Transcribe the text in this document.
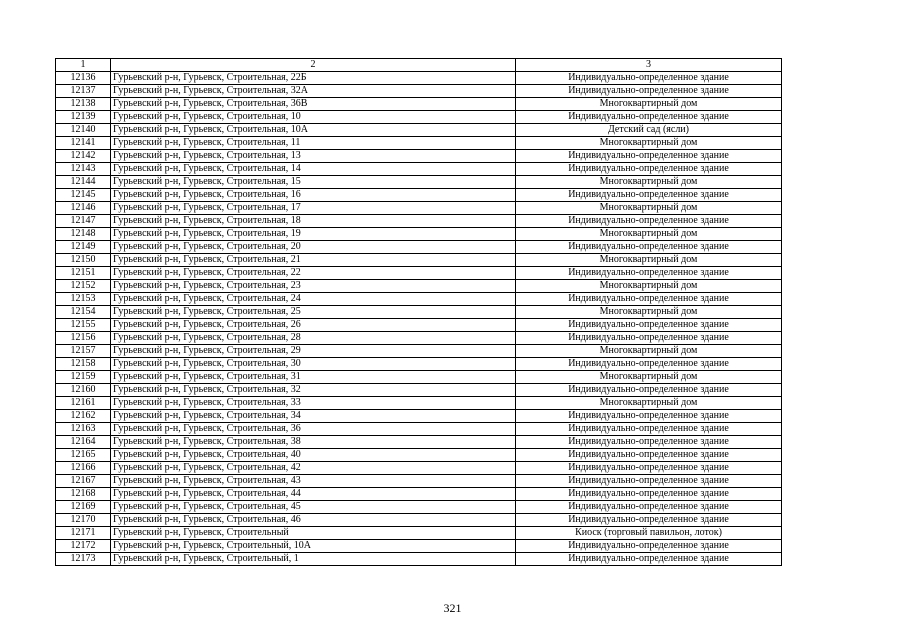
1	2	3
12136	Гурьевский р-н, Гурьевск, Строительная, 22Б	Индивидуально-определенное здание
12137	Гурьевский р-н, Гурьевск, Строительная, 32А	Индивидуально-определенное здание
12138	Гурьевский р-н, Гурьевск, Строительная, 36В	Многоквартирный дом
12139	Гурьевский р-н, Гурьевск, Строительная, 10	Индивидуально-определенное здание
12140	Гурьевский р-н, Гурьевск, Строительная, 10А	Детский сад (ясли)
12141	Гурьевский р-н, Гурьевск, Строительная, 11	Многоквартирный дом
12142	Гурьевский р-н, Гурьевск, Строительная, 13	Индивидуально-определенное здание
12143	Гурьевский р-н, Гурьевск, Строительная, 14	Индивидуально-определенное здание
12144	Гурьевский р-н, Гурьевск, Строительная, 15	Многоквартирный дом
12145	Гурьевский р-н, Гурьевск, Строительная, 16	Индивидуально-определенное здание
12146	Гурьевский р-н, Гурьевск, Строительная, 17	Многоквартирный дом
12147	Гурьевский р-н, Гурьевск, Строительная, 18	Индивидуально-определенное здание
12148	Гурьевский р-н, Гурьевск, Строительная, 19	Многоквартирный дом
12149	Гурьевский р-н, Гурьевск, Строительная, 20	Индивидуально-определенное здание
12150	Гурьевский р-н, Гурьевск, Строительная, 21	Многоквартирный дом
12151	Гурьевский р-н, Гурьевск, Строительная, 22	Индивидуально-определенное здание
12152	Гурьевский р-н, Гурьевск, Строительная, 23	Многоквартирный дом
12153	Гурьевский р-н, Гурьевск, Строительная, 24	Индивидуально-определенное здание
12154	Гурьевский р-н, Гурьевск, Строительная, 25	Многоквартирный дом
12155	Гурьевский р-н, Гурьевск, Строительная, 26	Индивидуально-определенное здание
12156	Гурьевский р-н, Гурьевск, Строительная, 28	Индивидуально-определенное здание
12157	Гурьевский р-н, Гурьевск, Строительная, 29	Многоквартирный дом
12158	Гурьевский р-н, Гурьевск, Строительная, 30	Индивидуально-определенное здание
12159	Гурьевский р-н, Гурьевск, Строительная, 31	Многоквартирный дом
12160	Гурьевский р-н, Гурьевск, Строительная, 32	Индивидуально-определенное здание
12161	Гурьевский р-н, Гурьевск, Строительная, 33	Многоквартирный дом
12162	Гурьевский р-н, Гурьевск, Строительная, 34	Индивидуально-определенное здание
12163	Гурьевский р-н, Гурьевск, Строительная, 36	Индивидуально-определенное здание
12164	Гурьевский р-н, Гурьевск, Строительная, 38	Индивидуально-определенное здание
12165	Гурьевский р-н, Гурьевск, Строительная, 40	Индивидуально-определенное здание
12166	Гурьевский р-н, Гурьевск, Строительная, 42	Индивидуально-определенное здание
12167	Гурьевский р-н, Гурьевск, Строительная, 43	Индивидуально-определенное здание
12168	Гурьевский р-н, Гурьевск, Строительная, 44	Индивидуально-определенное здание
12169	Гурьевский р-н, Гурьевск, Строительная, 45	Индивидуально-определенное здание
12170	Гурьевский р-н, Гурьевск, Строительная, 46	Индивидуально-определенное здание
12171	Гурьевский р-н, Гурьевск, Строительный	Киоск (торговый павильон, лоток)
12172	Гурьевский р-н, Гурьевск, Строительный, 10А	Индивидуально-определенное здание
12173	Гурьевский р-н, Гурьевск, Строительный, 1	Индивидуально-определенное здание
321
